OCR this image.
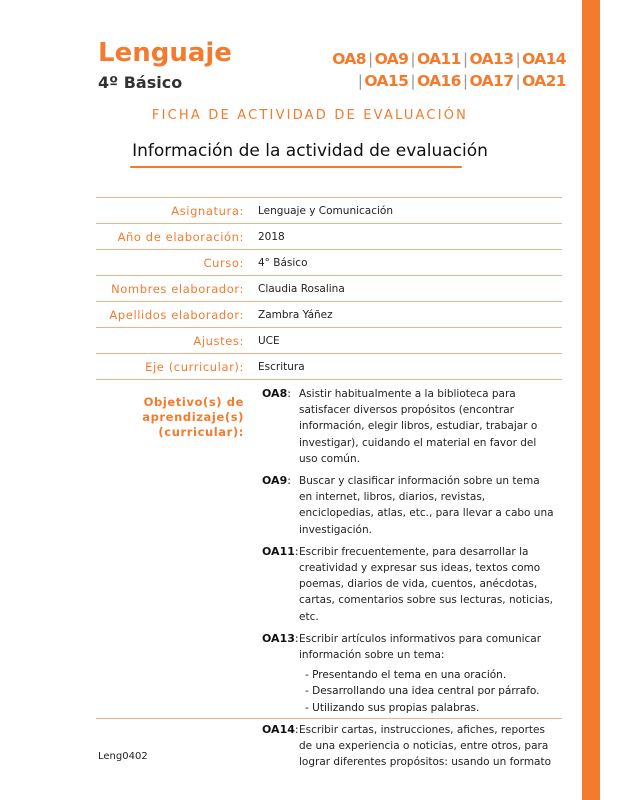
Lenguaje
4º Básico
OA8 | OA9 | OA11 | OA13 | OA14
| OA15 | OA16 | OA17 | OA21
FICHA DE ACTIVIDAD DE EVALUACIÓN
Información de la actividad de evaluación
Asignatura:	Lenguaje y Comunicación
Año de elaboración:	2018
Curso:	4° Básico
Nombres elaborador:	Claudia Rosalina
Apellidos elaborador:	Zambra Yáñez
Ajustes:	UCE
Eje (curricular):	Escritura
Objetivo(s) de aprendizaje(s) (curricular):
OA8: Asistir habitualmente a la biblioteca para satisfacer diversos propósitos (encontrar información, elegir libros, estudiar, trabajar o investigar), cuidando el material en favor del uso común.
OA9: Buscar y clasificar información sobre un tema en internet, libros, diarios, revistas, enciclopedias, atlas, etc., para llevar a cabo una investigación.
OA11: Escribir frecuentemente, para desarrollar la creatividad y expresar sus ideas, textos como poemas, diarios de vida, cuentos, anécdotas, cartas, comentarios sobre sus lecturas, noticias, etc.
OA13: Escribir artículos informativos para comunicar información sobre un tema:
- Presentando el tema en una oración.
- Desarrollando una idea central por párrafo.
- Utilizando sus propias palabras.
OA14: Escribir cartas, instrucciones, afiches, reportes de una experiencia o noticias, entre otros, para lograr diferentes propósitos: usando un formato
Leng0402
